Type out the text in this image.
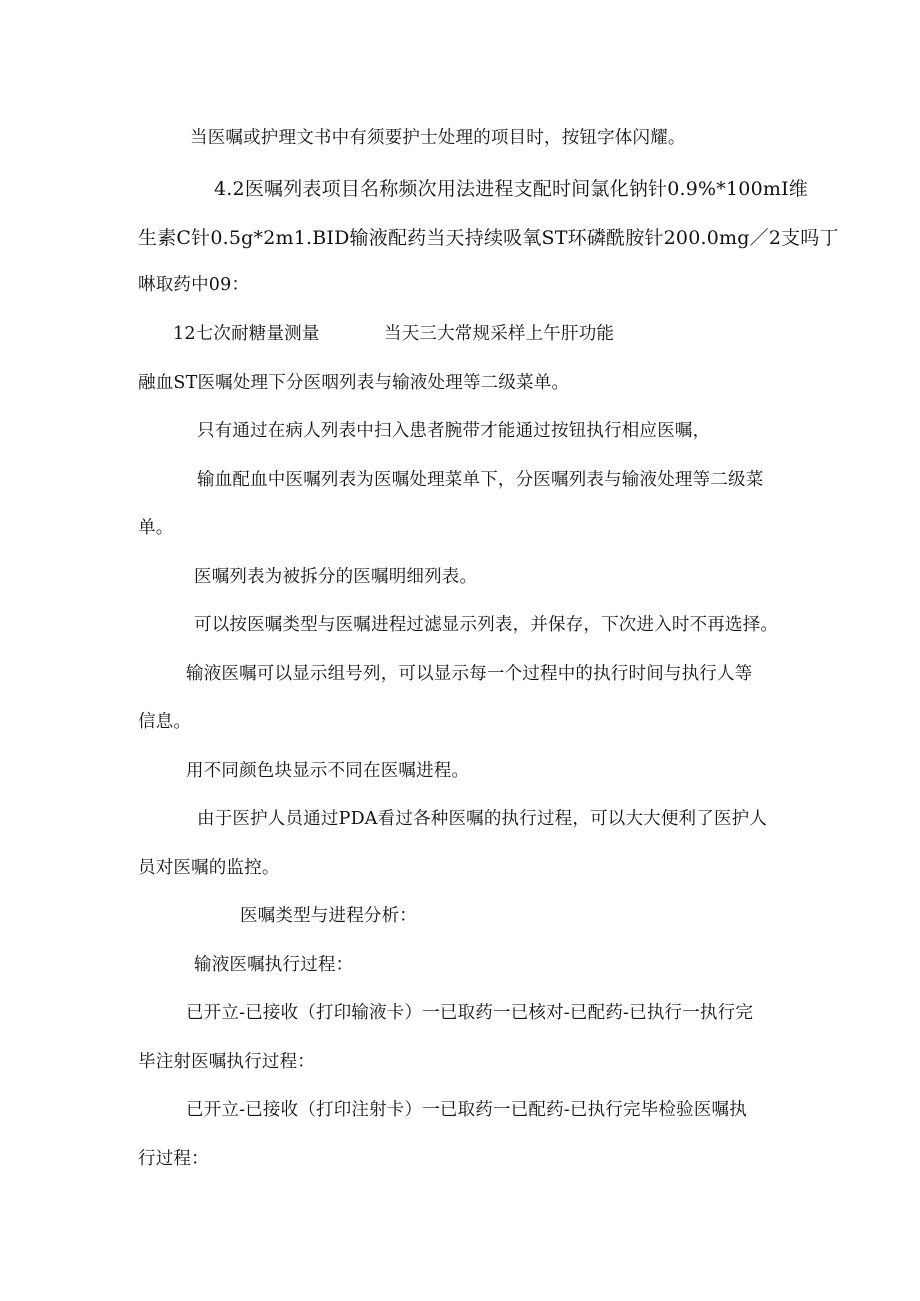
当医嘱或护理文书中有须要护士处理的项目时，按钮字体闪耀。
4.2医嘱列表项目名称频次用法进程支配时间氯化钠针0.9%*100mI维
生素C针0.5g*2m1.BID输液配药当天持续吸氧ST环磷酰胺针200.0mg／2支吗丁
啉取药中09：
12七次耐糖量测量	当天三大常规采样上午肝功能
融血ST医嘱处理下分医咽列表与输液处理等二级菜单。
只有通过在病人列表中扫入患者腕带才能通过按钮执行相应医嘱，
输血配血中医嘱列表为医嘱处理菜单下，分医嘱列表与输液处理等二级菜
单。
医嘱列表为被拆分的医嘱明细列表。
可以按医嘱类型与医嘱进程过滤显示列表，并保存，下次进入时不再选择。
输液医嘱可以显示组号列，可以显示每一个过程中的执行时间与执行人等
信息。
用不同颜色块显示不同在医嘱进程。
由于医护人员通过PDA看过各种医嘱的执行过程，可以大大便利了医护人
员对医嘱的监控。
医嘱类型与进程分析：
输液医嘱执行过程：
已开立-已接收（打印输液卡）一已取药一已核对-已配药-已执行一执行完
毕注射医嘱执行过程：
已开立-已接收（打印注射卡）一已取药一已配药-已执行完毕检验医嘱执
行过程：
